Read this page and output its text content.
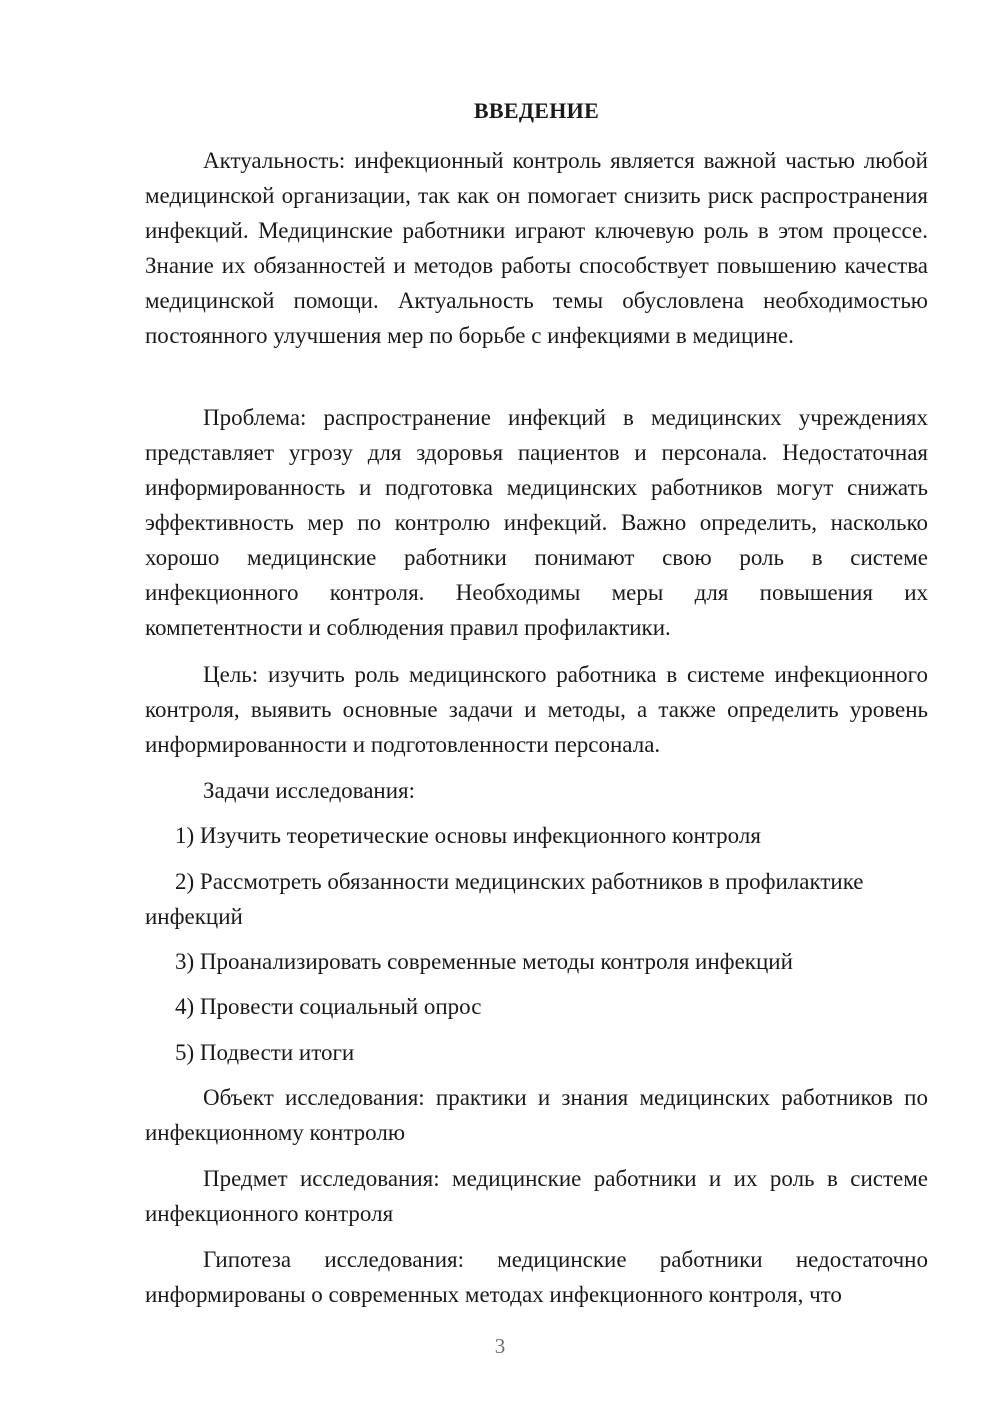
ВВЕДЕНИЕ

Актуальность: инфекционный контроль является важной частью любой медицинской организации, так как он помогает снизить риск распространения инфекций. Медицинские работники играют ключевую роль в этом процессе. Знание их обязанностей и методов работы способствует повышению качества медицинской помощи. Актуальность темы обусловлена необходимостью постоянного улучшения мер по борьбе с инфекциями в медицине.

Проблема: распространение инфекций в медицинских учреждениях представляет угрозу для здоровья пациентов и персонала. Недостаточная информированность и подготовка медицинских работников могут снижать эффективность мер по контролю инфекций. Важно определить, насколько хорошо медицинские работники понимают свою роль в системе инфекционного контроля. Необходимы меры для повышения их компетентности и соблюдения правил профилактики.

Цель: изучить роль медицинского работника в системе инфекционного контроля, выявить основные задачи и методы, а также определить уровень информированности и подготовленности персонала.

Задачи исследования:

1) Изучить теоретические основы инфекционного контроля

2) Рассмотреть обязанности медицинских работников в профилактике инфекций

3) Проанализировать современные методы контроля инфекций

4) Провести социальный опрос

5) Подвести итоги

Объект исследования: практики и знания медицинских работников по инфекционному контролю

Предмет исследования: медицинские работники и их роль в системе инфекционного контроля

Гипотеза исследования: медицинские работники недостаточно информированы о современных методах инфекционного контроля, что

3
